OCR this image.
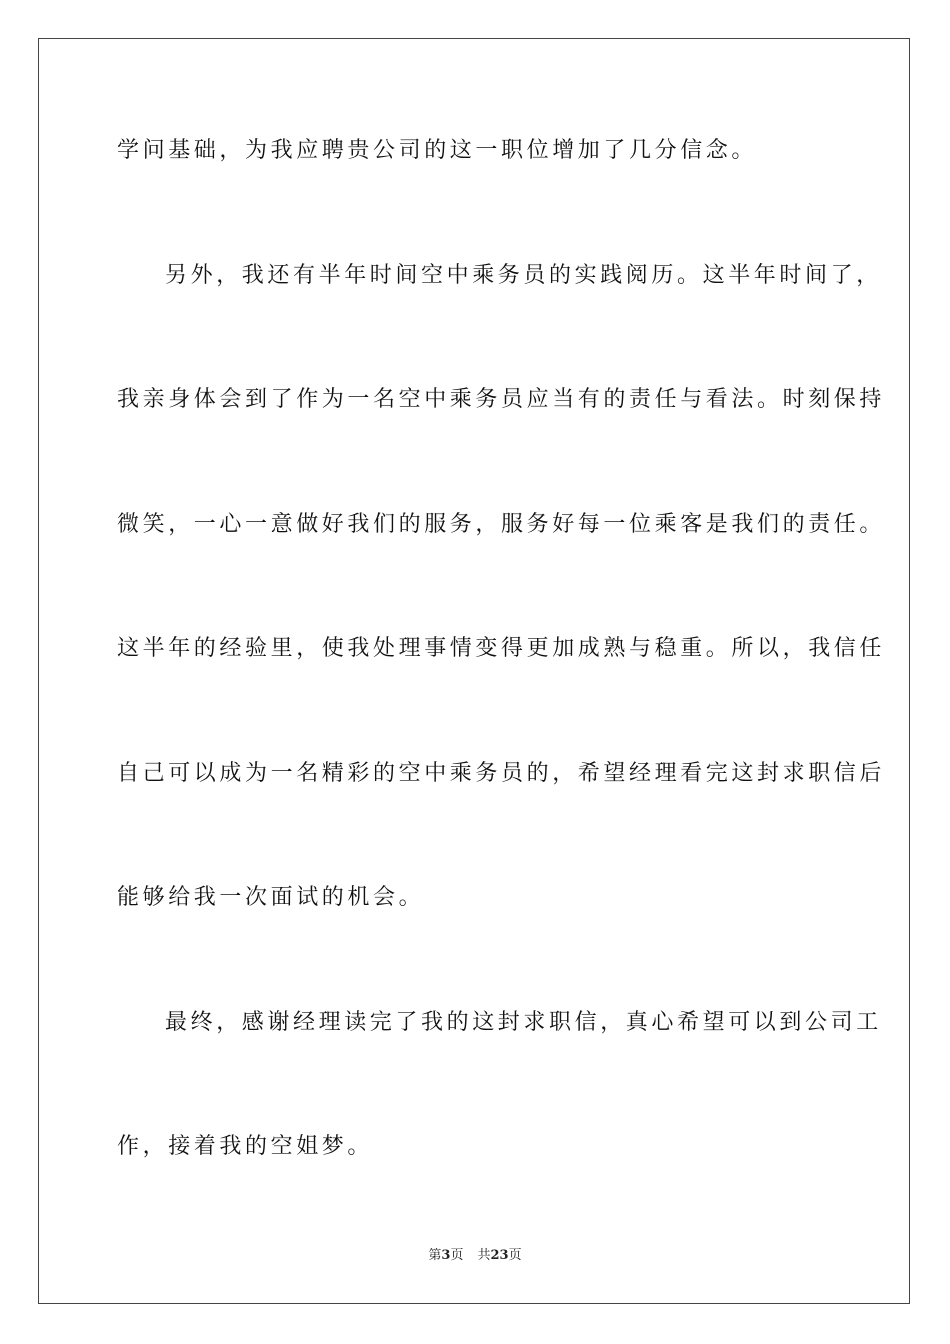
学问基础，为我应聘贵公司的这一职位增加了几分信念。
另外，我还有半年时间空中乘务员的实践阅历。这半年时间了，
我亲身体会到了作为一名空中乘务员应当有的责任与看法。时刻保持
微笑，一心一意做好我们的服务，服务好每一位乘客是我们的责任。
这半年的经验里，使我处理事情变得更加成熟与稳重。所以，我信任
自己可以成为一名精彩的空中乘务员的，希望经理看完这封求职信后
能够给我一次面试的机会。
最终，感谢经理读完了我的这封求职信，真心希望可以到公司工
作，接着我的空姐梦。
第3页 共23页
